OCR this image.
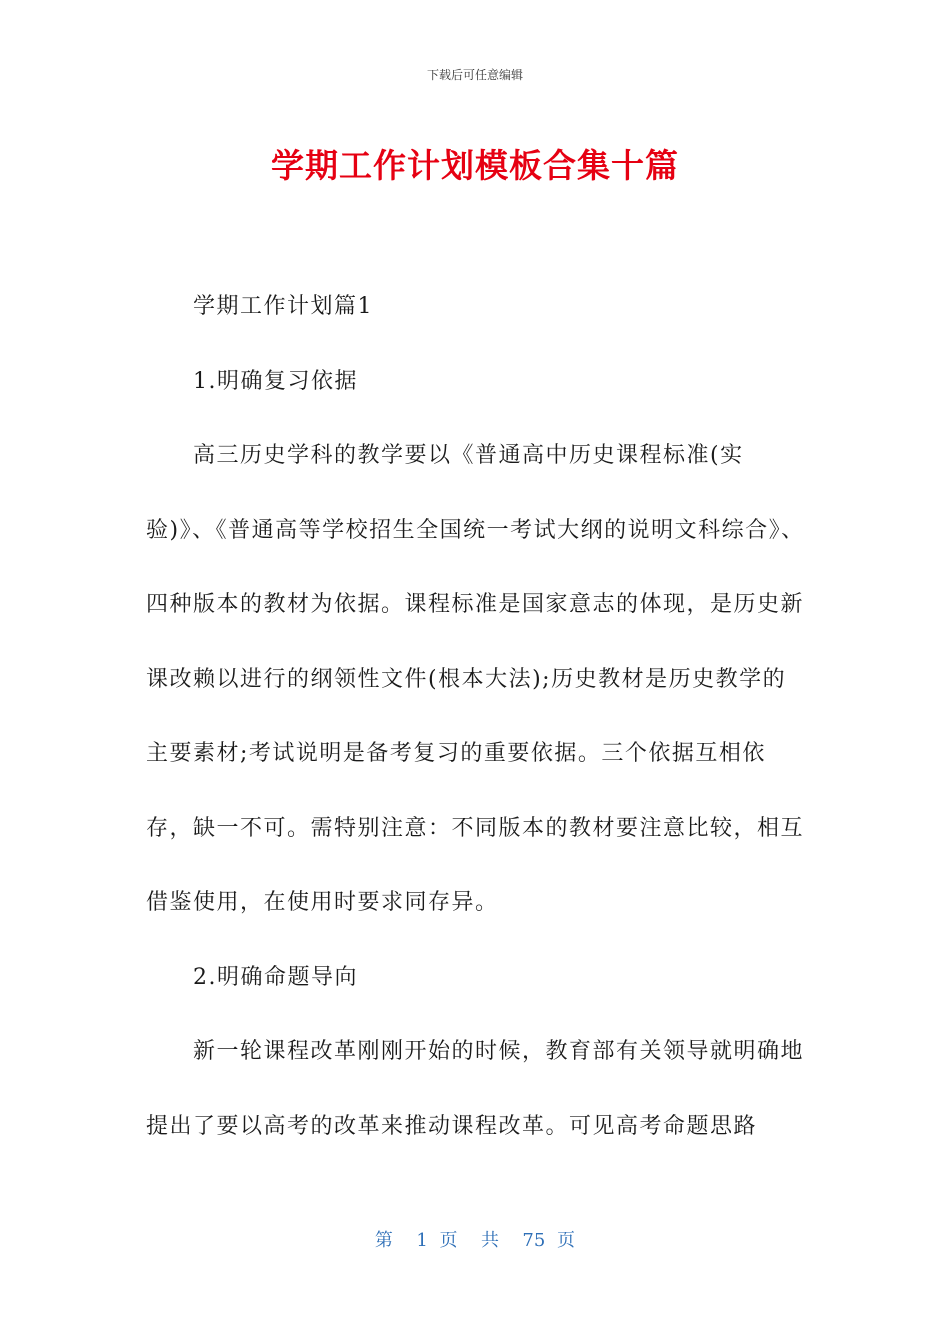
下载后可任意编辑
学期工作计划模板合集十篇

学期工作计划篇1

1.明确复习依据

高三历史学科的教学要以《普通高中历史课程标准(实验)》、《普通高等学校招生全国统一考试大纲的说明文科综合》、四种版本的教材为依据。课程标准是国家意志的体现，是历史新课改赖以进行的纲领性文件(根本大法);历史教材是历史教学的主要素材;考试说明是备考复习的重要依据。三个依据互相依存，缺一不可。需特别注意：不同版本的教材要注意比较，相互借鉴使用，在使用时要求同存异。

2.明确命题导向

新一轮课程改革刚刚开始的时候，教育部有关领导就明确地提出了要以高考的改革来推动课程改革。可见高考命题思路

第  1 页  共  75 页
